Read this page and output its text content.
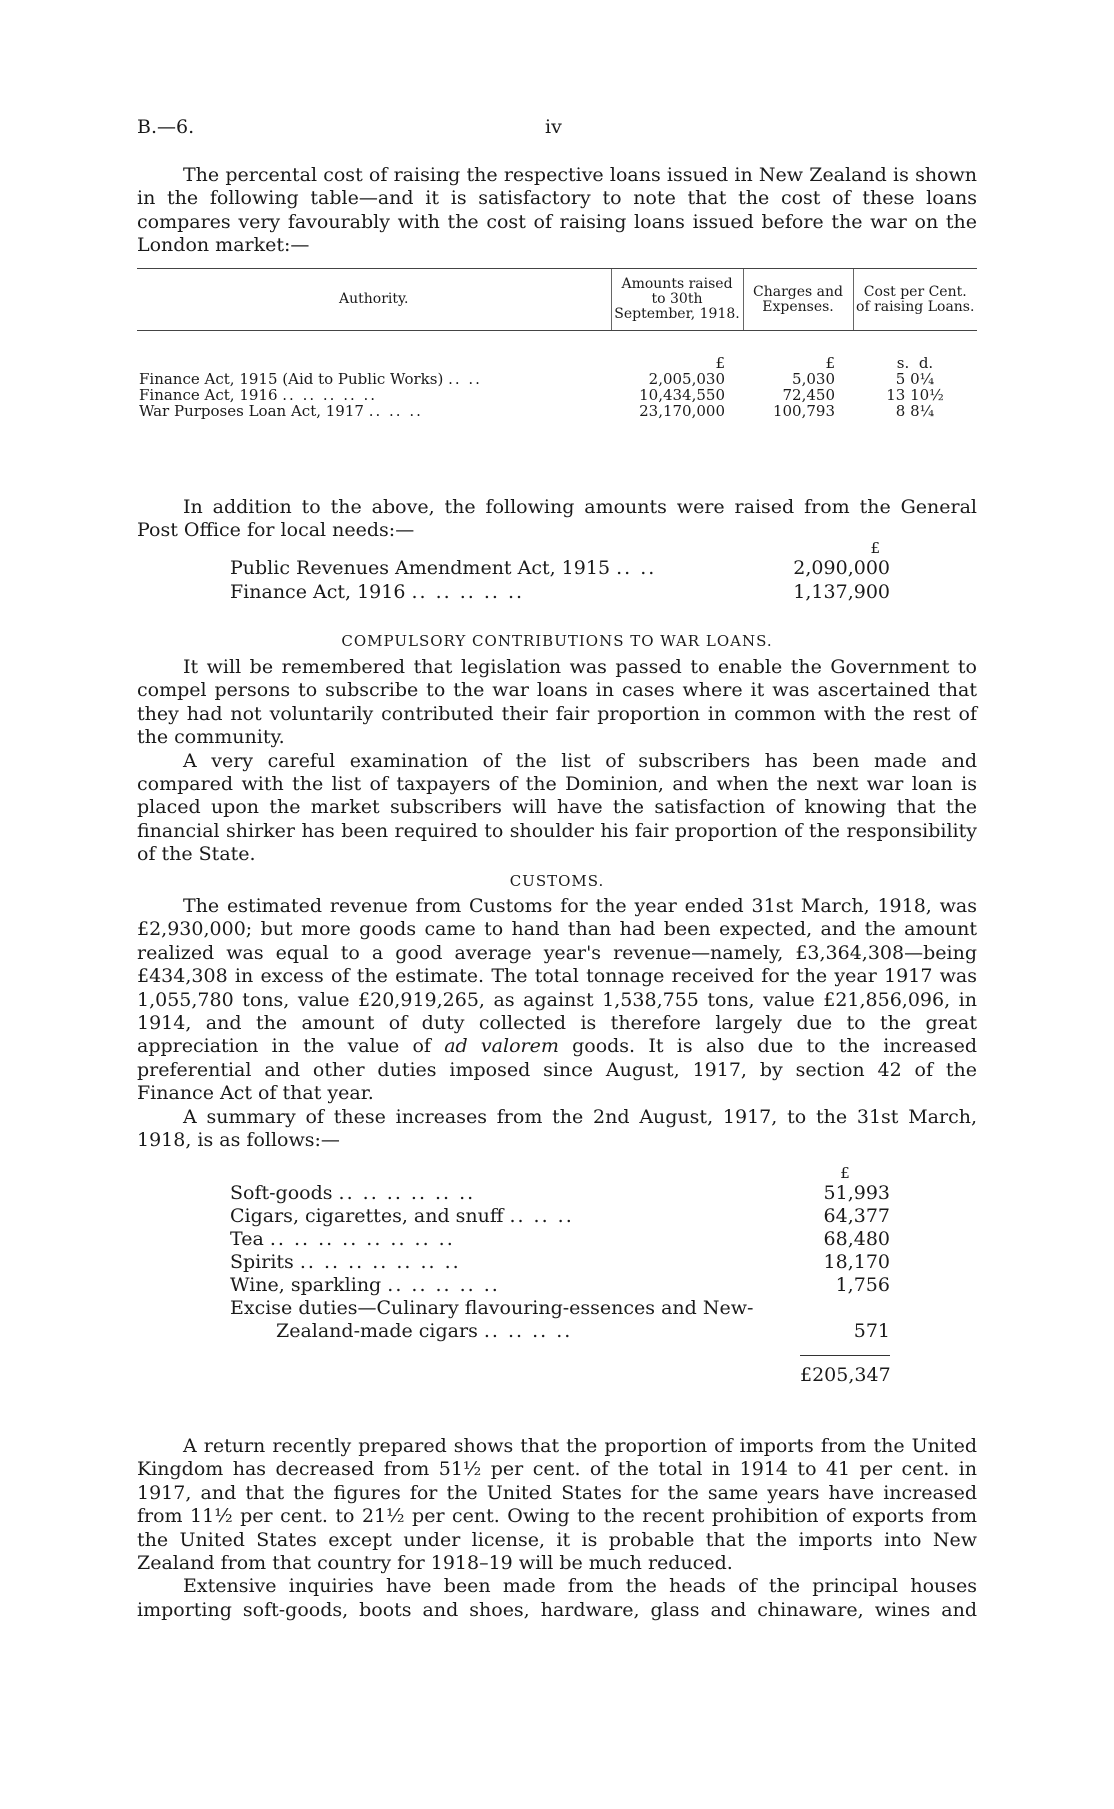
B.—6.	iv

The percental cost of raising the respective loans issued in New Zealand is shown in the following table—and it is satisfactory to note that the cost of these loans compares very favourably with the cost of raising loans issued before the war on the London market:—

Authority.	Amounts raised to 30th September, 1918.	Charges and Expenses.	Cost per Cent. of raising Loans.
	£	£	s. d.
Finance Act, 1915 (Aid to Public Works) .. ..	2,005,030	5,030	5 0¼
Finance Act, 1916 .. .. .. .. ..	10,434,550	72,450	13 10½
War Purposes Loan Act, 1917 .. .. ..	23,170,000	100,793	8 8¼

In addition to the above, the following amounts were raised from the General Post Office for local needs:—

£
Public Revenues Amendment Act, 1915 .. ..	2,090,000
Finance Act, 1916 .. .. .. .. ..	1,137,900
COMPULSORY CONTRIBUTIONS TO WAR LOANS.

It will be remembered that legislation was passed to enable the Government to compel persons to subscribe to the war loans in cases where it was ascertained that they had not voluntarily contributed their fair proportion in common with the rest of the community.

A very careful examination of the list of subscribers has been made and compared with the list of taxpayers of the Dominion, and when the next war loan is placed upon the market subscribers will have the satisfaction of knowing that the financial shirker has been required to shoulder his fair proportion of the responsibility of the State.

CUSTOMS.

The estimated revenue from Customs for the year ended 31st March, 1918, was £2,930,000; but more goods came to hand than had been expected, and the amount realized was equal to a good average year's revenue—namely, £3,364,308—being £434,308 in excess of the estimate. The total tonnage received for the year 1917 was 1,055,780 tons, value £20,919,265, as against 1,538,755 tons, value £21,856,096, in 1914, and the amount of duty collected is therefore largely due to the great appreciation in the value of ad valorem goods. It is also due to the increased preferential and other duties imposed since August, 1917, by section 42 of the Finance Act of that year.

A summary of these increases from the 2nd August, 1917, to the 31st March, 1918, is as follows:—

£
Soft-goods .. .. .. .. .. ..	51,993
Cigars, cigarettes, and snuff .. .. ..	64,377
Tea .. .. .. .. .. .. .. ..	68,480
Spirits .. .. .. .. .. .. ..	18,170
Wine, sparkling .. .. .. .. ..	1,756
Excise duties—Culinary flavouring-essences and New-
Zealand-made cigars .. .. .. ..	571
£205,347

A return recently prepared shows that the proportion of imports from the United Kingdom has decreased from 51½ per cent. of the total in 1914 to 41 per cent. in 1917, and that the figures for the United States for the same years have increased from 11½ per cent. to 21½ per cent. Owing to the recent prohibition of exports from the United States except under license, it is probable that the imports into New Zealand from that country for 1918–19 will be much reduced.

Extensive inquiries have been made from the heads of the principal houses importing soft-goods, boots and shoes, hardware, glass and chinaware, wines and
